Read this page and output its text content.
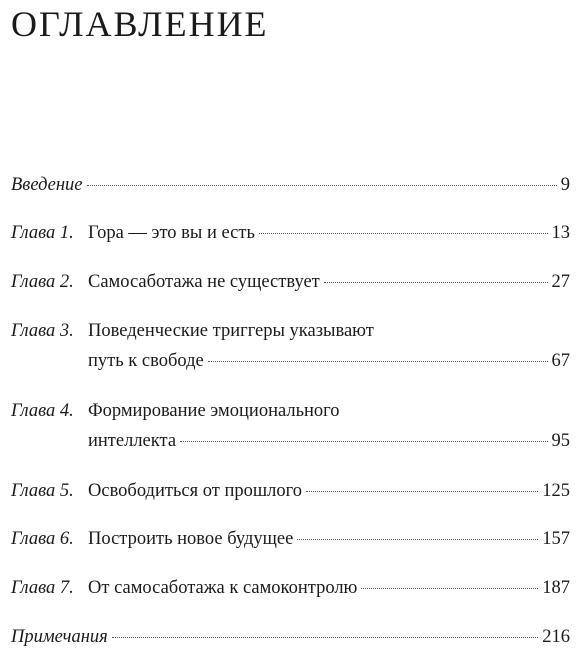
ОГЛАВЛЕНИЕ
Введение	9
Глава 1. Гора — это вы и есть	13
Глава 2. Самосаботажа не существует	27
Глава 3. Поведенческие триггеры указывают
путь к свободе	67
Глава 4. Формирование эмоционального
интеллекта	95
Глава 5. Освободиться от прошлого	125
Глава 6. Построить новое будущее	157
Глава 7. От самосаботажа к самоконтролю	187
Примечания	216
